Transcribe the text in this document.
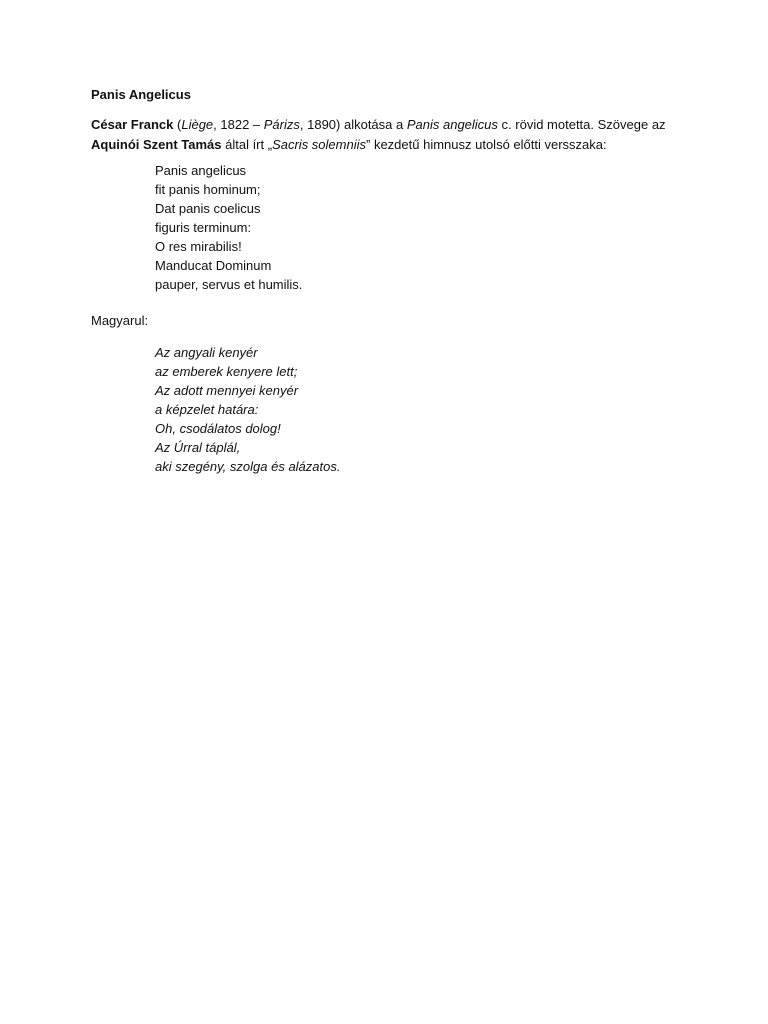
Panis Angelicus

César Franck (Liège, 1822 – Párizs, 1890) alkotása a Panis angelicus c. rövid motetta. Szövege az
Aquinói Szent Tamás által írt „Sacris solemniis” kezdetű himnusz utolsó előtti versszaka:

Panis angelicus
fit panis hominum;
Dat panis coelicus
figuris terminum:
O res mirabilis!
Manducat Dominum
pauper, servus et humilis.

Magyarul:

Az angyali kenyér
az emberek kenyere lett;
Az adott mennyei kenyér
a képzelet határa:
Oh, csodálatos dolog!
Az Úrral táplál,
aki szegény, szolga és alázatos.
